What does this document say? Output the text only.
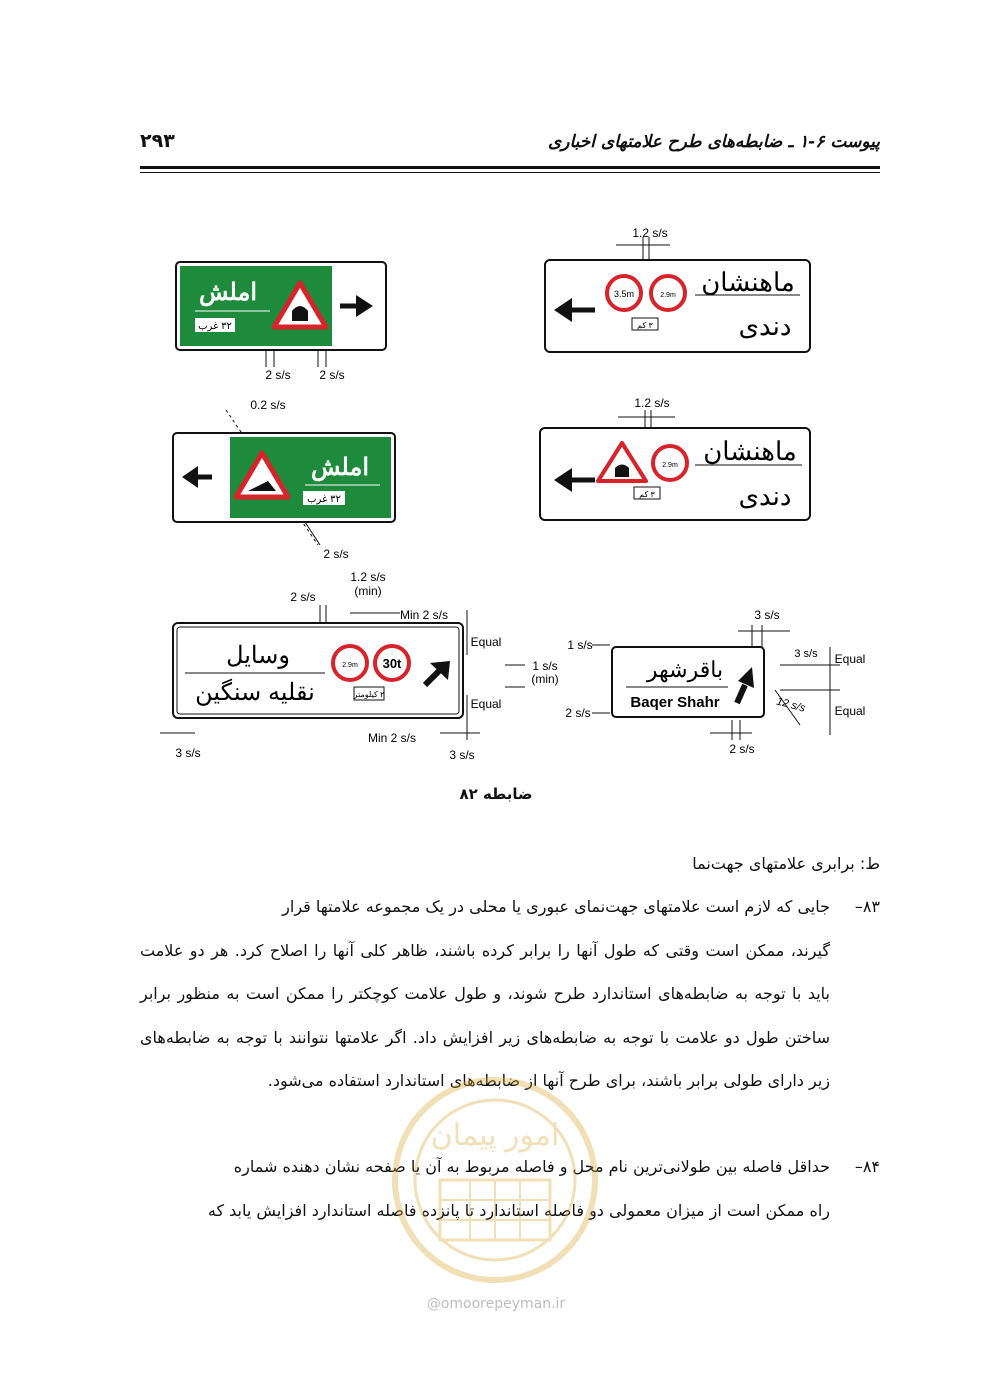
پیوست ۶-۱ ـ ضابطه‌های طرح علامتهای اخباری
۲۹۳
املش
۳۲ غرب
2 s/s 2 s/s
1.2 s/s
3.5m	2.9m
۳ کم
ماهنشان
دندی
0.2 s/s
املش
۳۲ غرب
2 s/s
1.2 s/s
2.9m
۳ کم
ماهنشان
دندی
2 s/s
1.2 s/s
(min)
Min 2 s/s
Equal
وسایل
نقلیه سنگین
2.9m 30t
۲ کیلومتر
1 s/s
(min)
Equal
Min 2 s/s
3 s/s	3 s/s
3 s/s
1 s/s
باقرشهر
Baqer Shahr
3 s/s Equal
2 s/s	12 s/s Equal
2 s/s
ضابطه ۸۲
ط: برابری علامتهای جهت‌نما
۸۳–جایی که لازم است علامتهای جهت‌نمای عبوری یا محلی در یک مجموعه علامتها قرار
گیرند، ممکن است وقتی که طول آنها را برابر کرده باشند، ظاهر کلی آنها را اصلاح کرد. هر دو علامت باید با توجه به ضابطه‌های استاندارد طرح شوند، و طول علامت کوچکتر را ممکن است به منظور برابر ساختن طول دو علامت با توجه به ضابطه‌های زیر افزایش داد. اگر علامتها نتوانند با توجه به ضابطه‌های زیر دارای طولی برابر باشند، برای طرح آنها از ضابطه‌های استاندارد استفاده می‌شود.
۸۴–حداقل فاصله بین طولانی‌ترین نام محل و فاصله مربوط به آن یا صفحه نشان دهنده شماره
راه ممکن است از میزان معمولی دو فاصله استاندارد تا پانزده فاصله استاندارد افزایش یابد که
امور پیمان
@omoorepeyman.ir
